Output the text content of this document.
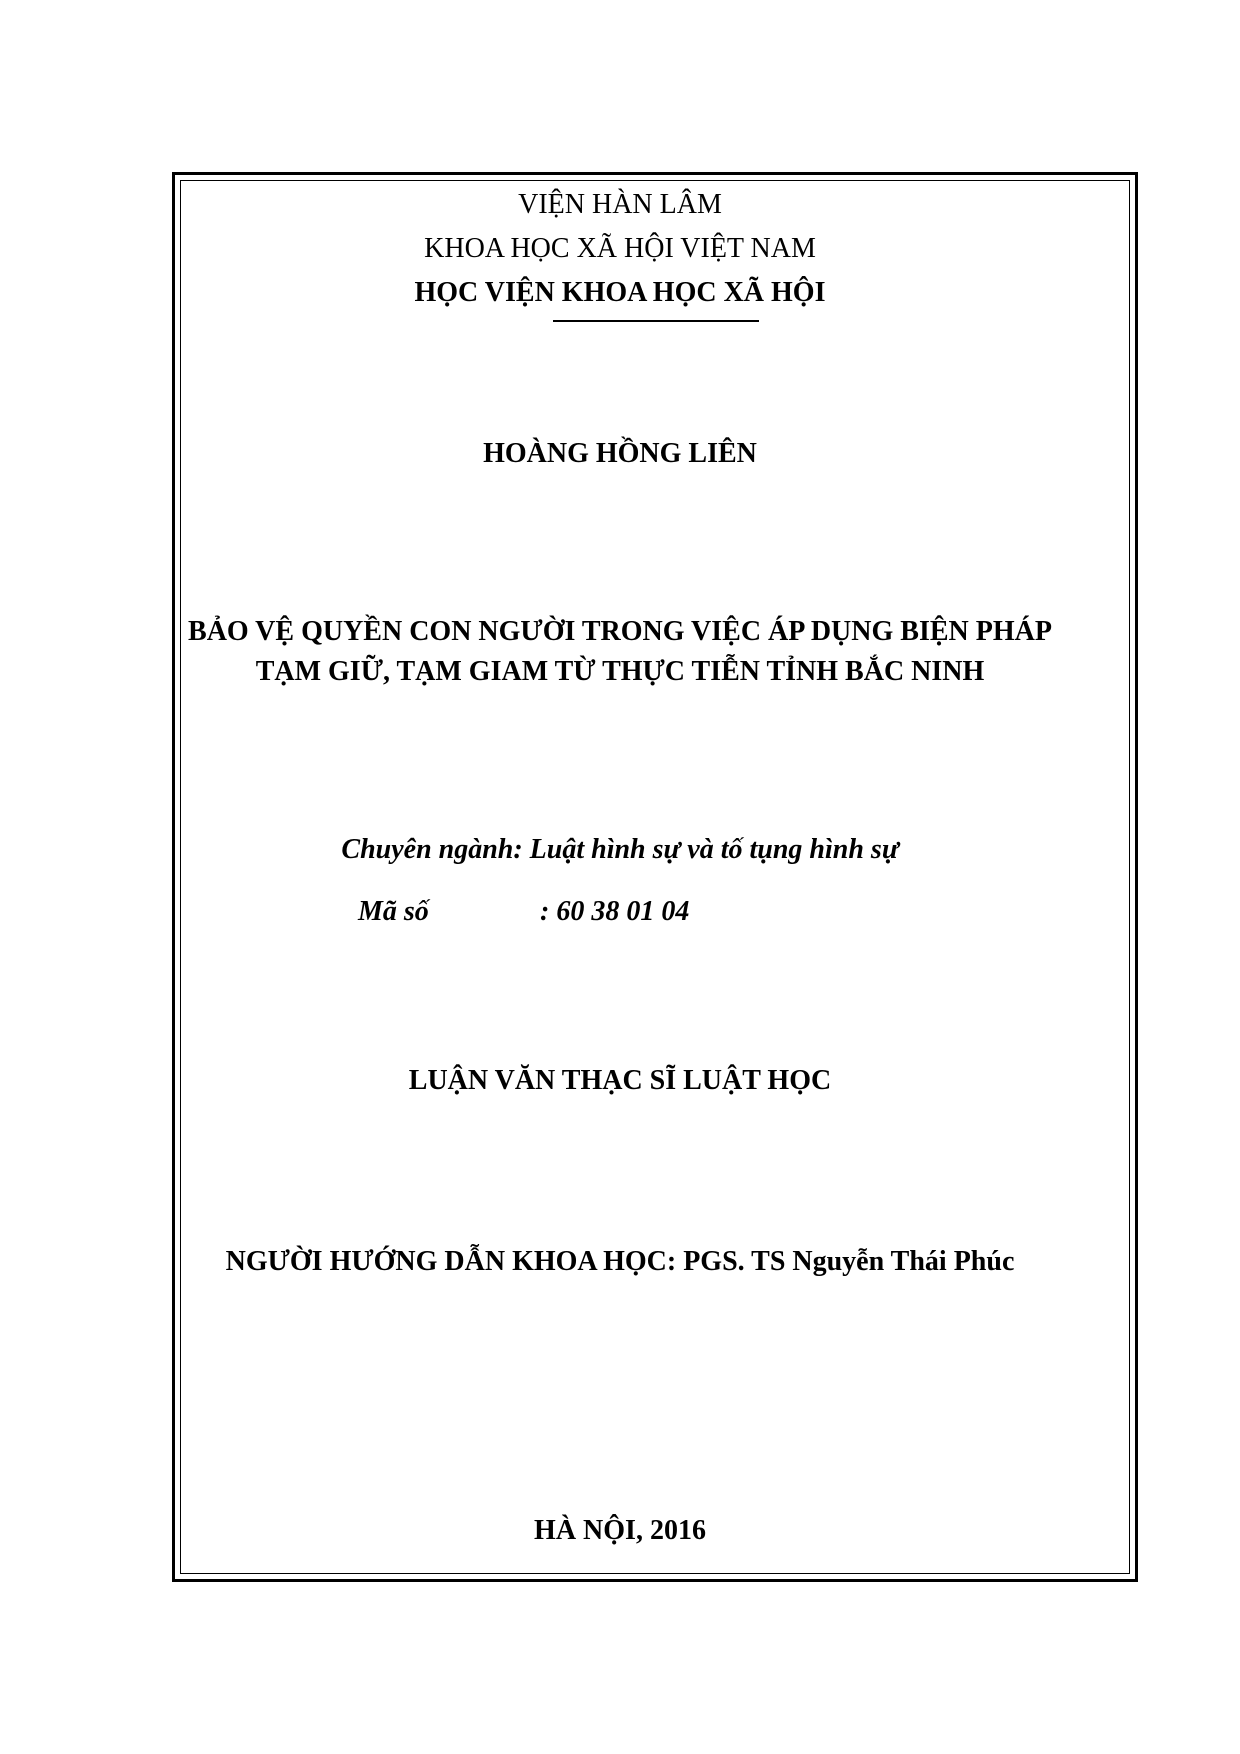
VIỆN HÀN LÂM
KHOA HỌC XÃ HỘI VIỆT NAM
HỌC VIỆN KHOA HỌC XÃ HỘI
HOÀNG HỒNG LIÊN
BẢO VỆ QUYỀN CON NGƯỜI TRONG VIỆC ÁP DỤNG BIỆN PHÁP
TẠM GIỮ, TẠM GIAM TỪ THỰC TIỄN TỈNH BẮC NINH
Chuyên ngành: Luật hình sự và tố tụng hình sự
Mã số	: 60 38 01 04
LUẬN VĂN THẠC SĨ LUẬT HỌC
NGƯỜI HƯỚNG DẪN KHOA HỌC: PGS. TS Nguyễn Thái Phúc
HÀ NỘI, 2016
